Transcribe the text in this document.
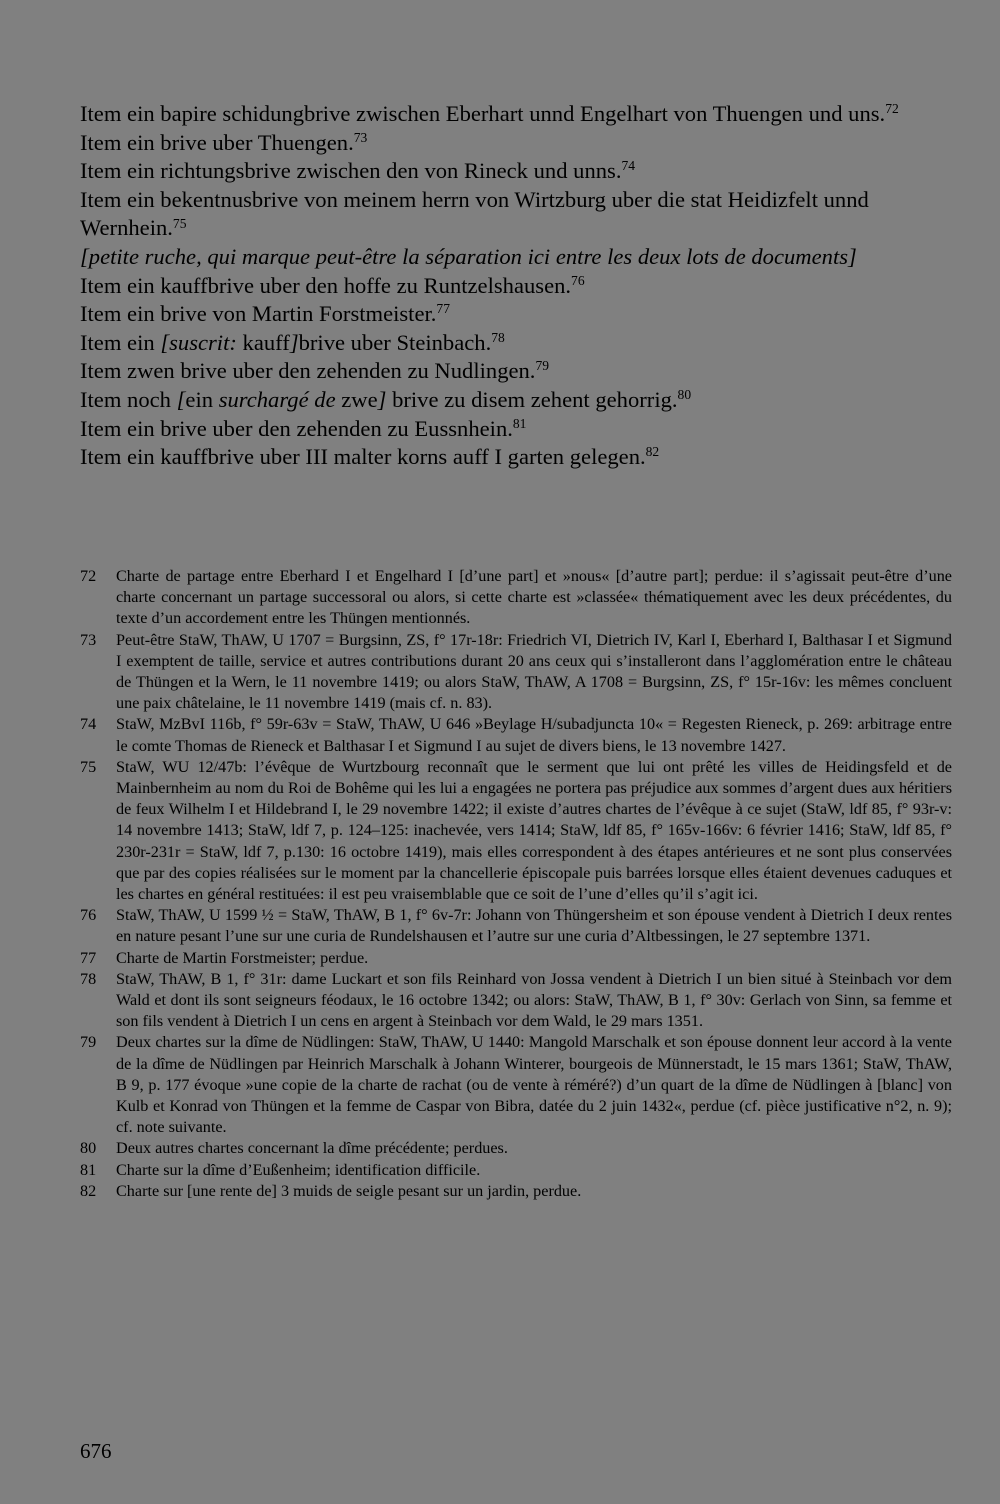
Item ein bapire schidungbrive zwischen Eberhart unnd Engelhart von Thuengen und uns.$^{72}$
Item ein brive uber Thuengen.$^{73}$
Item ein richtungsbrive zwischen den von Rineck und unns.$^{74}$
Item ein bekentnusbrive von meinem herrn von Wirtzburg uber die stat Heidizfelt unnd Wernhein.$^{75}$
[petite ruche, qui marque peut-être la séparation ici entre les deux lots de documents]
Item ein kauffbrive uber den hoffe zu Runtzelshausen.$^{76}$
Item ein brive von Martin Forstmeister.$^{77}$
Item ein [suscrit: kauff]brive uber Steinbach.$^{78}$
Item zwen brive uber den zehenden zu Nudlingen.$^{79}$
Item noch [ein surchargé de zwe] brive zu disem zehent gehorrig.$^{80}$
Item ein brive uber den zehenden zu Eussnhein.$^{81}$
Item ein kauffbrive uber III malter korns auff I garten gelegen.$^{82}$
72 Charte de partage entre Eberhard I et Engelhard I [d’une part] et »nous« [d’autre part]; perdue: il s’agissait peut-être d’une charte concernant un partage successoral ou alors, si cette charte est »classée« thématiquement avec les deux précédentes, du texte d’un accordement entre les Thüngen mentionnés.
73 Peut-être StaW, ThAW, U 1707 = Burgsinn, ZS, f° 17r-18r: Friedrich VI, Dietrich IV, Karl I, Eberhard I, Balthasar I et Sigmund I exemptent de taille, service et autres contributions durant 20 ans ceux qui s’installeront dans l’agglomération entre le château de Thüngen et la Wern, le 11 novembre 1419; ou alors StaW, ThAW, A 1708 = Burgsinn, ZS, f° 15r-16v: les mêmes concluent une paix châtelaine, le 11 novembre 1419 (mais cf. n. 83).
74 StaW, MzBvI 116b, f° 59r-63v = StaW, ThAW, U 646 »Beylage H/subadjuncta 10« = Regesten Rieneck, p. 269: arbitrage entre le comte Thomas de Rieneck et Balthasar I et Sigmund I au sujet de divers biens, le 13 novembre 1427.
75 StaW, WU 12/47b: l’évêque de Wurtzbourg reconnaît que le serment que lui ont prêté les villes de Heidingsfeld et de Mainbernheim au nom du Roi de Bohême qui les lui a engagées ne portera pas préjudice aux sommes d’argent dues aux héritiers de feux Wilhelm I et Hildebrand I, le 29 novembre 1422; il existe d’autres chartes de l’évêque à ce sujet (StaW, ldf 85, f° 93r-v: 14 novembre 1413; StaW, ldf 7, p. 124–125: inachevée, vers 1414; StaW, ldf 85, f° 165v-166v: 6 février 1416; StaW, ldf 85, f° 230r-231r = StaW, ldf 7, p.130: 16 octobre 1419), mais elles correspondent à des étapes antérieures et ne sont plus conservées que par des copies réalisées sur le moment par la chancellerie épiscopale puis barrées lorsque elles étaient devenues caduques et les chartes en général restituées: il est peu vraisemblable que ce soit de l’une d’elles qu’il s’agit ici.
76 StaW, ThAW, U 1599 ½ = StaW, ThAW, B 1, f° 6v-7r: Johann von Thüngersheim et son épouse vendent à Dietrich I deux rentes en nature pesant l’une sur une curia de Rundelshausen et l’autre sur une curia d’Altbessingen, le 27 septembre 1371.
77 Charte de Martin Forstmeister; perdue.
78 StaW, ThAW, B 1, f° 31r: dame Luckart et son fils Reinhard von Jossa vendent à Dietrich I un bien situé à Steinbach vor dem Wald et dont ils sont seigneurs féodaux, le 16 octobre 1342; ou alors: StaW, ThAW, B 1, f° 30v: Gerlach von Sinn, sa femme et son fils vendent à Dietrich I un cens en argent à Steinbach vor dem Wald, le 29 mars 1351.
79 Deux chartes sur la dîme de Nüdlingen: StaW, ThAW, U 1440: Mangold Marschalk et son épouse donnent leur accord à la vente de la dîme de Nüdlingen par Heinrich Marschalk à Johann Winterer, bourgeois de Münnerstadt, le 15 mars 1361; StaW, ThAW, B 9, p. 177 évoque »une copie de la charte de rachat (ou de vente à réméré?) d’un quart de la dîme de Nüdlingen à [blanc] von Kulb et Konrad von Thüngen et la femme de Caspar von Bibra, datée du 2 juin 1432«, perdue (cf. pièce justificative n°2, n. 9); cf. note suivante.
80 Deux autres chartes concernant la dîme précédente; perdues.
81 Charte sur la dîme d’Eußenheim; identification difficile.
82 Charte sur [une rente de] 3 muids de seigle pesant sur un jardin, perdue.
676
